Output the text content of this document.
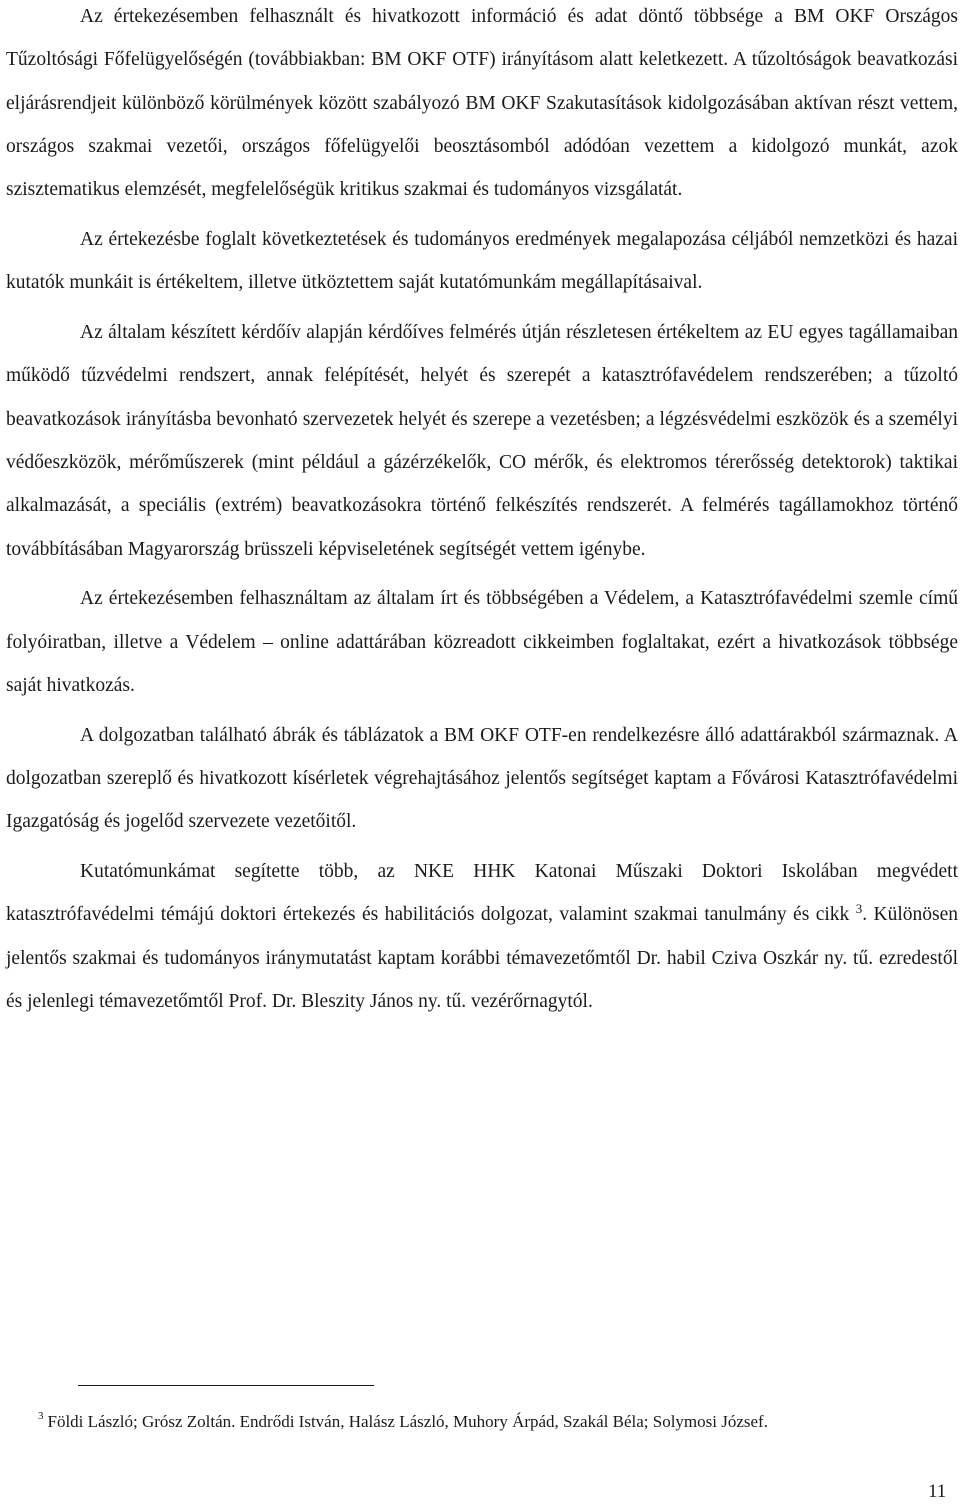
Az értekezésemben felhasznált és hivatkozott információ és adat döntő többsége a BM OKF Országos Tűzoltósági Főfelügyelőségén (továbbiakban: BM OKF OTF) irányításom alatt keletkezett. A tűzoltóságok beavatkozási eljárásrendjeit különböző körülmények között szabályozó BM OKF Szakutasítások kidolgozásában aktívan részt vettem, országos szakmai vezetői, országos főfelügyelői beosztásomból adódóan vezettem a kidolgozó munkát, azok szisztematikus elemzését, megfelelőségük kritikus szakmai és tudományos vizsgálatát.

Az értekezésbe foglalt következtetések és tudományos eredmények megalapozása céljából nemzetközi és hazai kutatók munkáit is értékeltem, illetve ütköztettem saját kutatómunkám megállapításaival.

Az általam készített kérdőív alapján kérdőíves felmérés útján részletesen értékeltem az EU egyes tagállamaiban működő tűzvédelmi rendszert, annak felépítését, helyét és szerepét a katasztrófavédelem rendszerében; a tűzoltó beavatkozások irányításba bevonható szervezetek helyét és szerepe a vezetésben; a légzésvédelmi eszközök és a személyi védőeszközök, mérőműszerek (mint például a gázérzékelők, CO mérők, és elektromos térerősség detektorok) taktikai alkalmazását, a speciális (extrém) beavatkozásokra történő felkészítés rendszerét. A felmérés tagállamokhoz történő továbbításában Magyarország brüsszeli képviseletének segítségét vettem igénybe.

Az értekezésemben felhasználtam az általam írt és többségében a Védelem, a Katasztrófavédelmi szemle című folyóiratban, illetve a Védelem – online adattárában közreadott cikkeimben foglaltakat, ezért a hivatkozások többsége saját hivatkozás.

A dolgozatban található ábrák és táblázatok a BM OKF OTF-en rendelkezésre álló adattárakból származnak. A dolgozatban szereplő és hivatkozott kísérletek végrehajtásához jelentős segítséget kaptam a Fővárosi Katasztrófavédelmi Igazgatóság és jogelőd szervezete vezetőitől.

Kutatómunkámat segítette több, az NKE HHK Katonai Műszaki Doktori Iskolában megvédett katasztrófavédelmi témájú doktori értekezés és habilitációs dolgozat, valamint szakmai tanulmány és cikk $^3$. Különösen jelentős szakmai és tudományos iránymutatást kaptam korábbi témavezetőmtől Dr. habil Cziva Oszkár ny. tű. ezredestől és jelenlegi témavezetőmtől Prof. Dr. Bleszity János ny. tű. vezérőrnagytól.

$^3$ Földi László; Grósz Zoltán. Endrődi István, Halász László, Muhory Árpád, Szakál Béla; Solymosi József.
11
